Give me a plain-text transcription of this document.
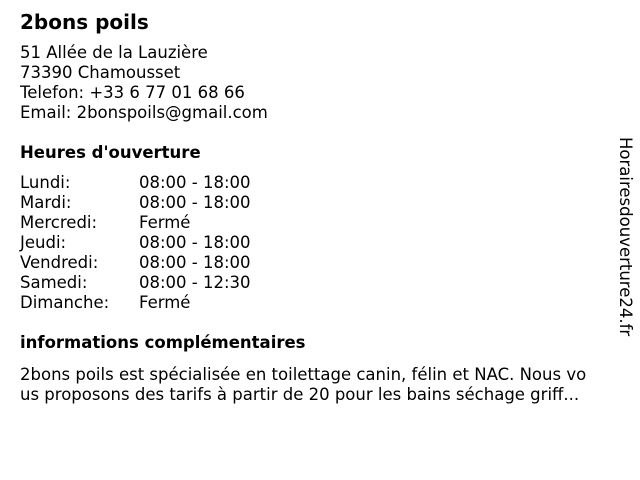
2bons poils
51 Allée de la Lauzière
73390 Chamousset
Telefon: +33 6 77 01 68 66
Email: 2bonspoils@gmail.com
Heures d'ouverture
Lundi:	08:00 - 18:00
Mardi:	08:00 - 18:00
Mercredi:	Fermé
Jeudi:	08:00 - 18:00
Vendredi: 08:00 - 18:00
Samedi:	08:00 - 12:30
Dimanche: Fermé
informations complémentaires
2bons poils est spécialisée en toilettage canin, félin et NAC. Nous vo
us proposons des tarifs à partir de 20 pour les bains séchage griff...
Horairesdouverture24.fr
